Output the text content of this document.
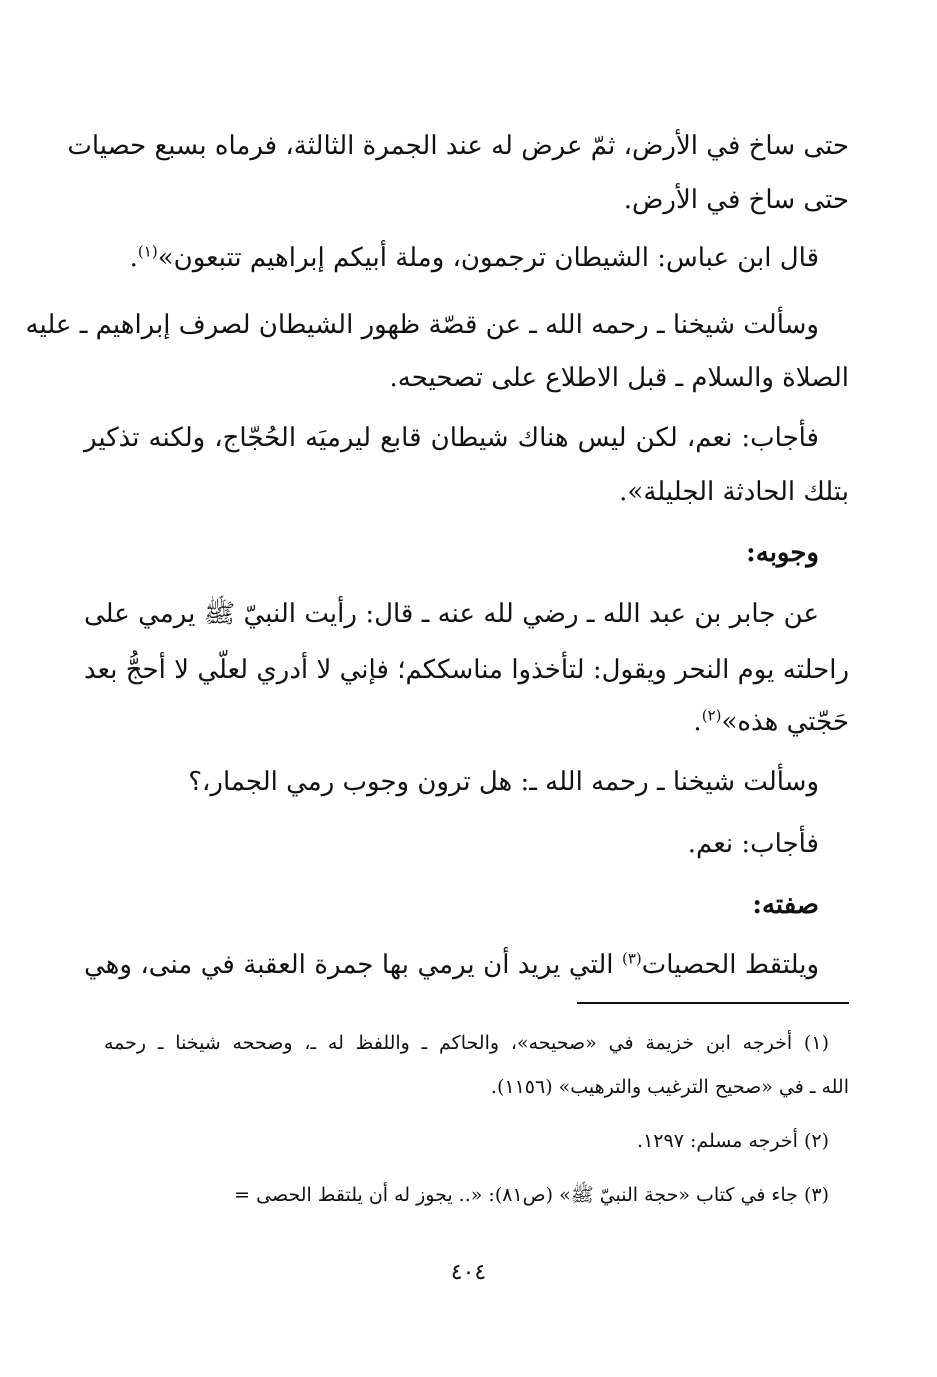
حتى ساخ في الأرض، ثمّ عرض له عند الجمرة الثالثة، فرماه بسبع حصيات
حتى ساخ في الأرض.
قال ابن عباس: الشيطان ترجمون، وملة أبيكم إبراهيم تتبعون»$^{(١)}$.
وسألت شيخنا ـ رحمه الله ـ عن قصّة ظهور الشيطان لصرف إبراهيم ـ عليه
الصلاة والسلام ـ قبل الاطلاع على تصحيحه.
فأجاب: نعم، لكن ليس هناك شيطان قابع ليرميَه الحُجّاج، ولكنه تذكير
بتلك الحادثة الجليلة».
وجوبه:
عن جابر بن عبد الله ـ رضي لله عنه ـ قال: رأيت النبيّ ﷺ يرمي على
راحلته يوم النحر ويقول: لتأخذوا مناسككم؛ فإني لا أدري لعلّي لا أحجُّ بعد
حَجّتي هذه»$^{(٢)}$.
وسألت شيخنا ـ رحمه الله ـ: هل ترون وجوب رمي الجمار،؟
فأجاب: نعم.
صفته:
ويلتقط الحصيات$^{(٣)}$ التي يريد أن يرمي بها جمرة العقبة في منى، وهي
(١) أخرجه ابن خزيمة في «صحيحه»، والحاكم ـ واللفظ له ـ، وصححه شيخنا ـ رحمه
الله ـ في «صحيح الترغيب والترهيب» (١١٥٦).
(٢) أخرجه مسلم: ١٢٩٧.
(٣) جاء في كتاب «حجة النبيّ ﷺ» (ص٨١): «.. يجوز له أن يلتقط الحصى =
٤٠٤
